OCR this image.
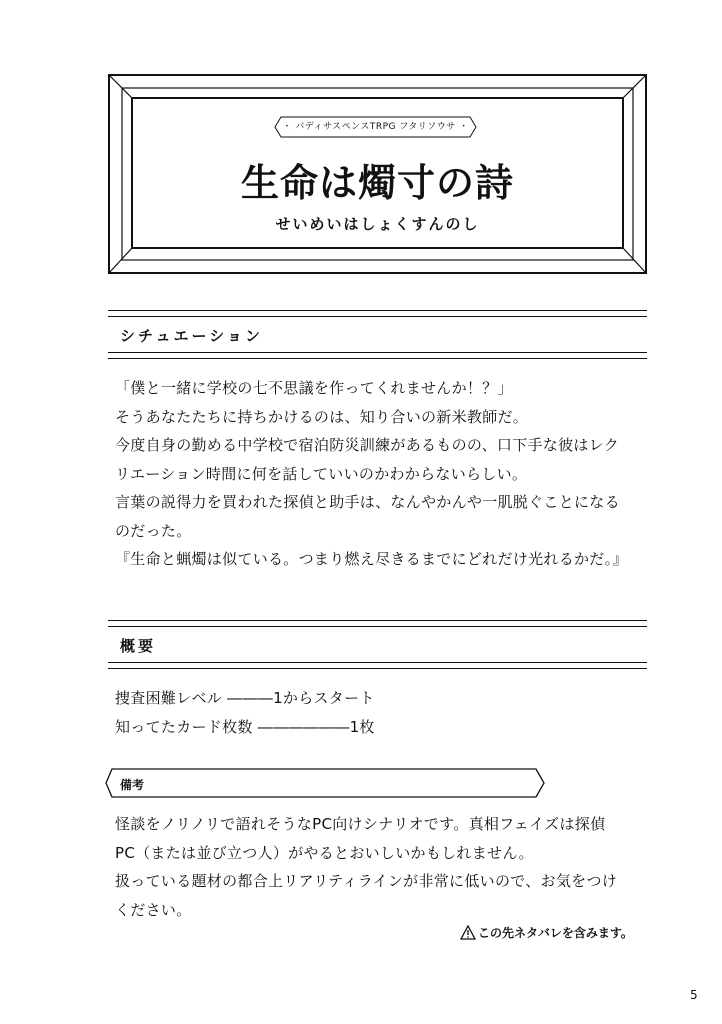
・ バディサスペンスTRPG フタリソウサ ・
生命は燭寸の詩
せいめいはしょくすんのし
シチュエーション

「僕と一緒に学校の七不思議を作ってくれませんか！？」

そうあなたたちに持ちかけるのは、知り合いの新米教師だ。

今度自身の勤める中学校で宿泊防災訓練があるものの、口下手な彼はレク

リエーション時間に何を話していいのかわからないらしい。

言葉の説得力を買われた探偵と助手は、なんやかんや一肌脱ぐことになる

のだった。

『生命と蝋燭は似ている。つまり燃え尽きるまでにどれだけ光れるかだ。』

概要

捜査困難レベル ―――1からスタート

知ってたカード枚数 ――――――1枚

備考

怪談をノリノリで語れそうなPC向けシナリオです。真相フェイズは探偵

PC（または並び立つ人）がやるとおいしいかもしれません。

扱っている題材の都合上リアリティラインが非常に低いので、お気をつけ

ください。

この先ネタバレを含みます。
5
